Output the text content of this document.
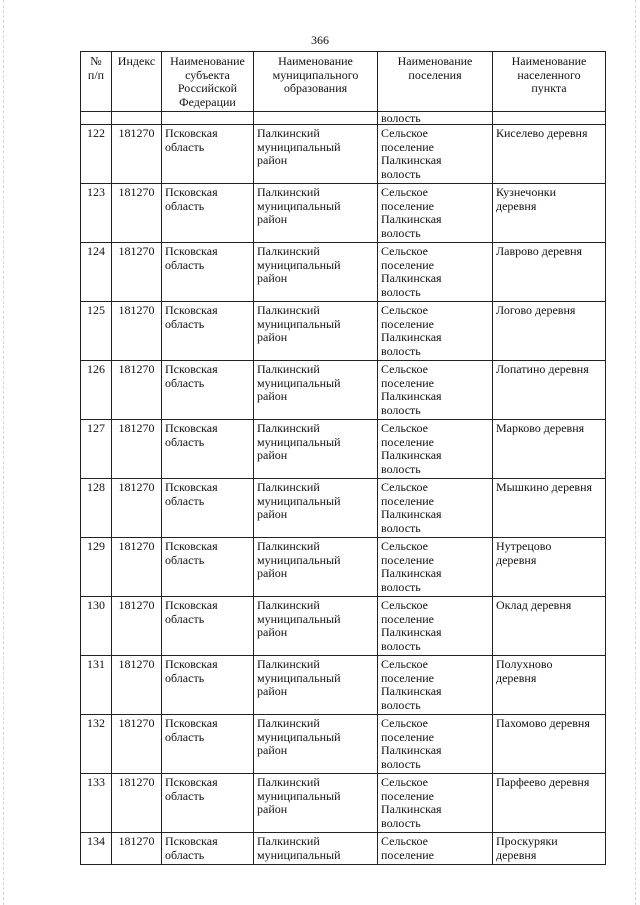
366
№
п/п	Индекс	Наименование
субъекта
Российской
Федерации	Наименование
муниципального
образования	Наименование
поселения	Наименование
населенного
пункта
				волость	
122	181270	Псковская
область	Палкинский
муниципальный
район	Сельское
поселение
Палкинская
волость	Киселево деревня
123	181270	Псковская
область	Палкинский
муниципальный
район	Сельское
поселение
Палкинская
волость	Кузнечонки
деревня
124	181270	Псковская
область	Палкинский
муниципальный
район	Сельское
поселение
Палкинская
волость	Лаврово деревня
125	181270	Псковская
область	Палкинский
муниципальный
район	Сельское
поселение
Палкинская
волость	Логово деревня
126	181270	Псковская
область	Палкинский
муниципальный
район	Сельское
поселение
Палкинская
волость	Лопатино деревня
127	181270	Псковская
область	Палкинский
муниципальный
район	Сельское
поселение
Палкинская
волость	Марково деревня
128	181270	Псковская
область	Палкинский
муниципальный
район	Сельское
поселение
Палкинская
волость	Мышкино деревня
129	181270	Псковская
область	Палкинский
муниципальный
район	Сельское
поселение
Палкинская
волость	Нутрецово
деревня
130	181270	Псковская
область	Палкинский
муниципальный
район	Сельское
поселение
Палкинская
волость	Оклад деревня
131	181270	Псковская
область	Палкинский
муниципальный
район	Сельское
поселение
Палкинская
волость	Полухново
деревня
132	181270	Псковская
область	Палкинский
муниципальный
район	Сельское
поселение
Палкинская
волость	Пахомово деревня
133	181270	Псковская
область	Палкинский
муниципальный
район	Сельское
поселение
Палкинская
волость	Парфеево деревня
134	181270	Псковская
область	Палкинский
муниципальный	Сельское
поселение	Проскуряки
деревня
